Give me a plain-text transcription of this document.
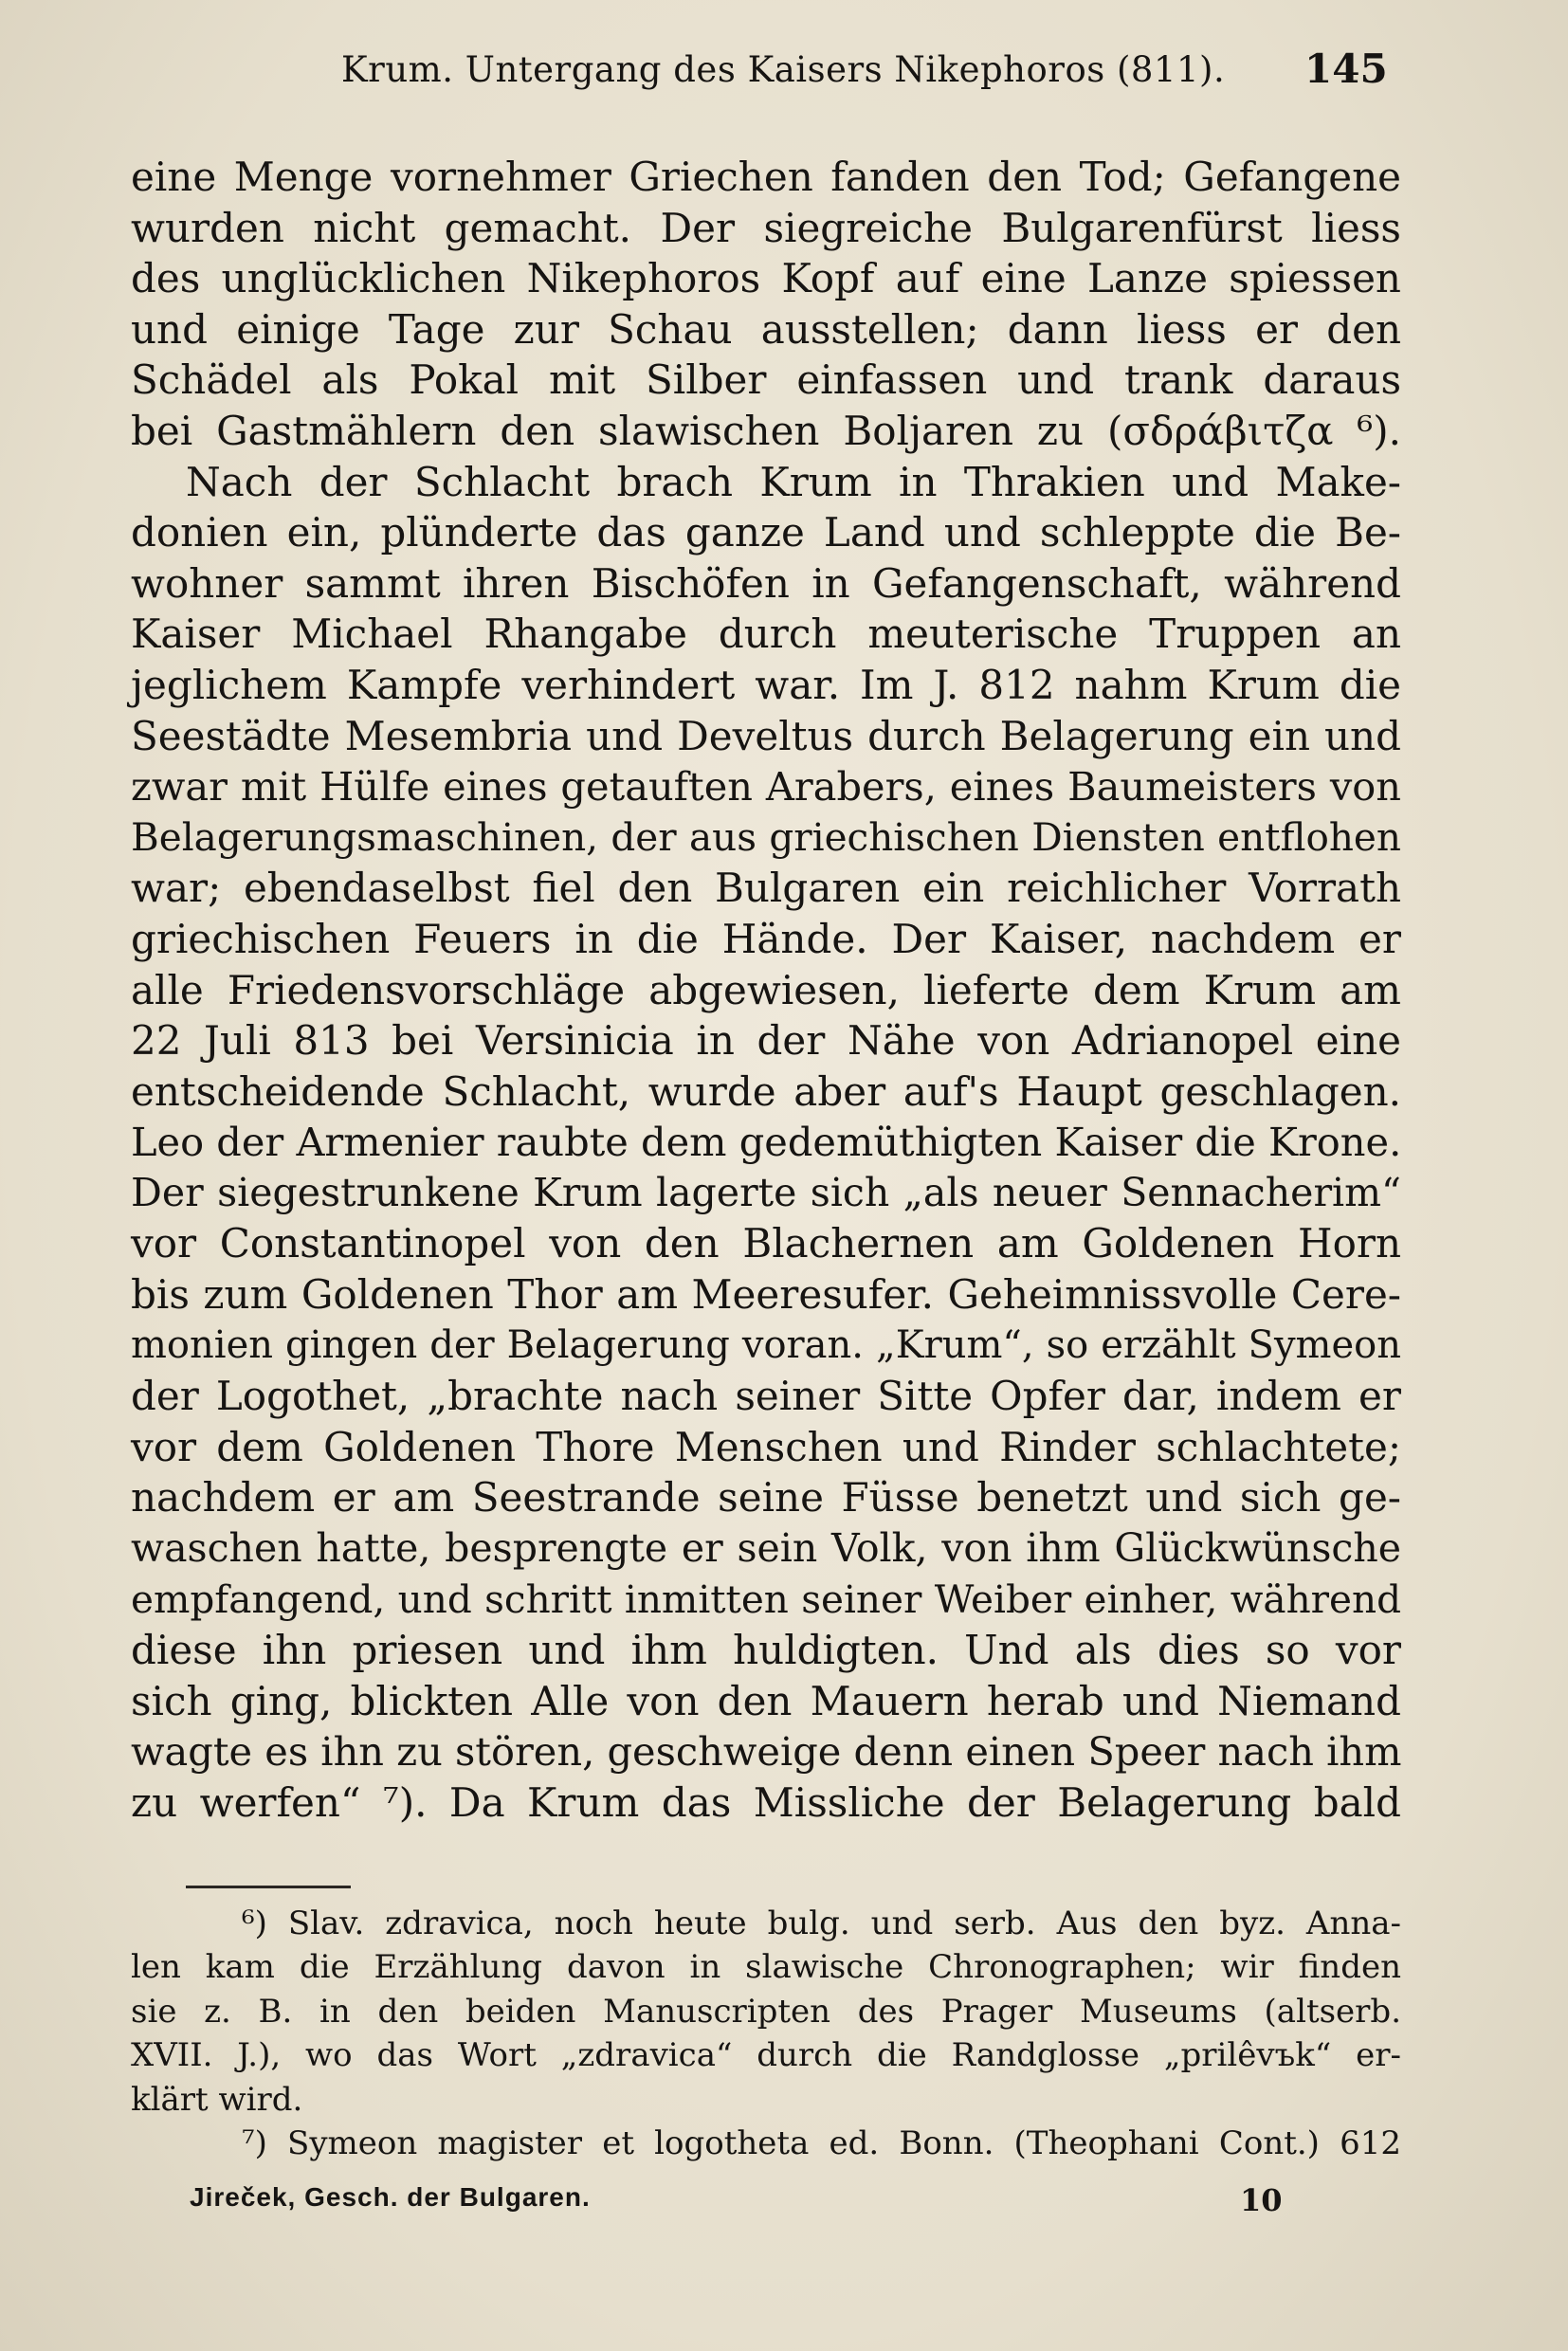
Krum. Untergang des Kaisers Nikephoros (811). 145
eine Menge vornehmer Griechen fanden den Tod; Gefangene
wurden nicht gemacht. Der siegreiche Bulgarenfürst liess
des unglücklichen Nikephoros Kopf auf eine Lanze spiessen
und einige Tage zur Schau ausstellen; dann liess er den
Schädel als Pokal mit Silber einfassen und trank daraus
bei Gastmählern den slawischen Boljaren zu (σδράβιτζα ⁶).
Nach der Schlacht brach Krum in Thrakien und Make-
donien ein, plünderte das ganze Land und schleppte die Be-
wohner sammt ihren Bischöfen in Gefangenschaft, während
Kaiser Michael Rhangabe durch meuterische Truppen an
jeglichem Kampfe verhindert war. Im J. 812 nahm Krum die
Seestädte Mesembria und Develtus durch Belagerung ein und
zwar mit Hülfe eines getauften Arabers, eines Baumeisters von
Belagerungsmaschinen, der aus griechischen Diensten entflohen
war; ebendaselbst fiel den Bulgaren ein reichlicher Vorrath
griechischen Feuers in die Hände. Der Kaiser, nachdem er
alle Friedensvorschläge abgewiesen, lieferte dem Krum am
22 Juli 813 bei Versinicia in der Nähe von Adrianopel eine
entscheidende Schlacht, wurde aber auf's Haupt geschlagen.
Leo der Armenier raubte dem gedemüthigten Kaiser die Krone.
Der siegestrunkene Krum lagerte sich „als neuer Sennacherim“
vor Constantinopel von den Blachernen am Goldenen Horn
bis zum Goldenen Thor am Meeresufer. Geheimnissvolle Cere-
monien gingen der Belagerung voran. „Krum“, so erzählt Symeon
der Logothet, „brachte nach seiner Sitte Opfer dar, indem er
vor dem Goldenen Thore Menschen und Rinder schlachtete;
nachdem er am Seestrande seine Füsse benetzt und sich ge-
waschen hatte, besprengte er sein Volk, von ihm Glückwünsche
empfangend, und schritt inmitten seiner Weiber einher, während
diese ihn priesen und ihm huldigten. Und als dies so vor
sich ging, blickten Alle von den Mauern herab und Niemand
wagte es ihn zu stören, geschweige denn einen Speer nach ihm
zu werfen“ ⁷). Da Krum das Missliche der Belagerung bald
⁶) Slav. zdravica, noch heute bulg. und serb. Aus den byz. Anna-
len kam die Erzählung davon in slawische Chronographen; wir finden
sie z. B. in den beiden Manuscripten des Prager Museums (altserb.
XVII. J.), wo das Wort „zdravica“ durch die Randglosse „prilêvъk“ er-
klärt wird.
⁷) Symeon magister et logotheta ed. Bonn. (Theophani Cont.) 612
Jireček, Gesch. der Bulgaren.	10
